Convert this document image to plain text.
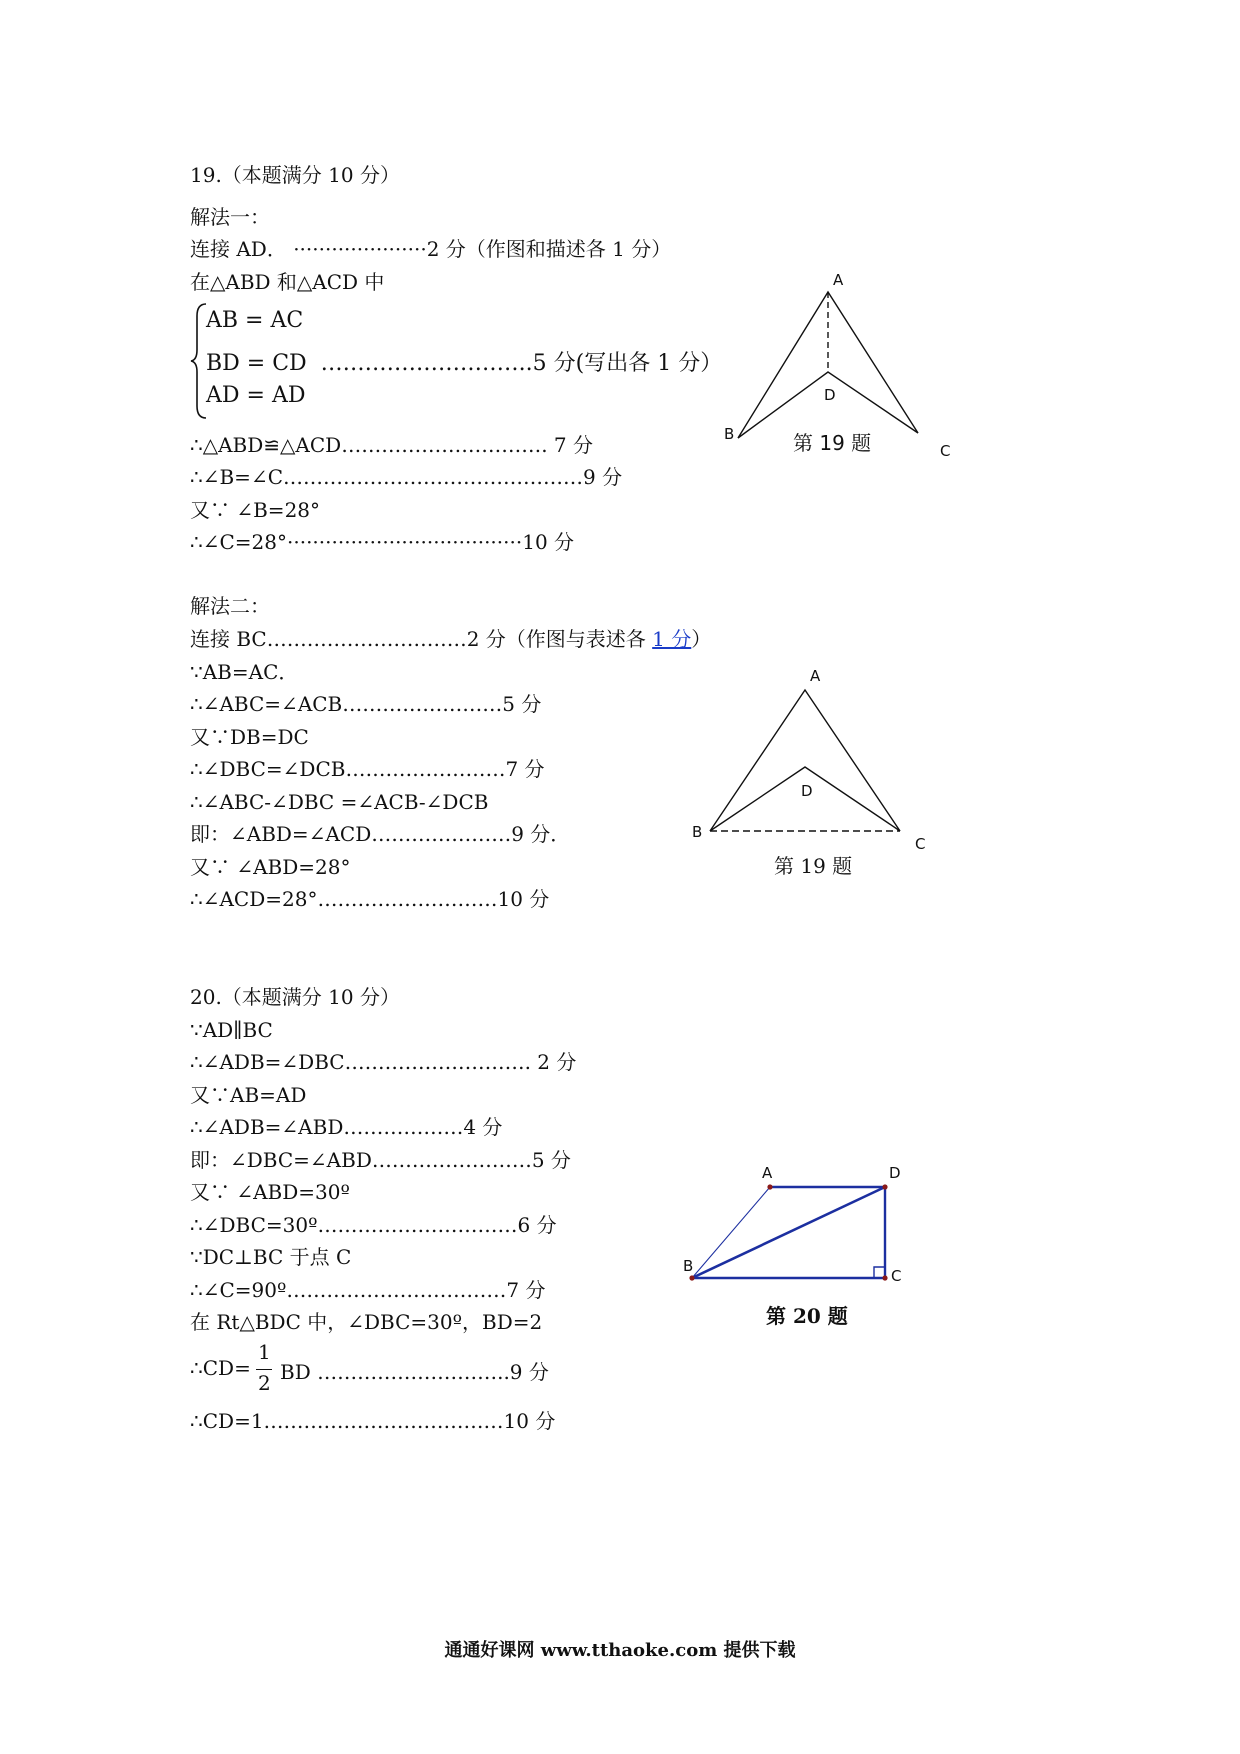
19.（本题满分 10 分）
解法一：
连接 AD． ·····················2 分（作图和描述各 1 分）
在△ABD 和△ACD 中
AB = AC
BD = CD  ………………………..5 分(写出各 1 分）
AD = AD
∴△ABD≌△ACD…………………………. 7 分
∴∠B=∠C………………………………………9 分
又∵ ∠B=28°
∴∠C=28°·····································10 分
A
B
C
D
第 19 题
解法二：
连接 BC…………………………2 分（作图与表述各 1 分）
∵AB=AC．
∴∠ABC=∠ACB……………………5 分
又∵DB=DC
∴∠DBC=∠DCB……………………7 分
∴∠ABC-∠DBC =∠ACB-∠DCB
即：∠ABD=∠ACD…………………9 分．
又∵ ∠ABD=28°
∴∠ACD=28°………………………10 分
A
B
C
D
第 19 题
20.（本题满分 10 分）
∵AD∥BC
∴∠ADB=∠DBC………………………. 2 分
又∵AB=AD
∴∠ADB=∠ABD………………4 分
即：∠DBC=∠ABD……………………5 分
又∵ ∠ABD=30º
∴∠DBC=30º…………………………6 分
∵DC⊥BC 于点 C
∴∠C=90º……………………………7 分
在 Rt△BDC 中，∠DBC=30º，BD=2
∴CD=
1
2 BD ………………………..9 分
∴CD=1………………………………10 分
A	D
B
C
第 20 题
通通好课网 www.tthaoke.com 提供下载
